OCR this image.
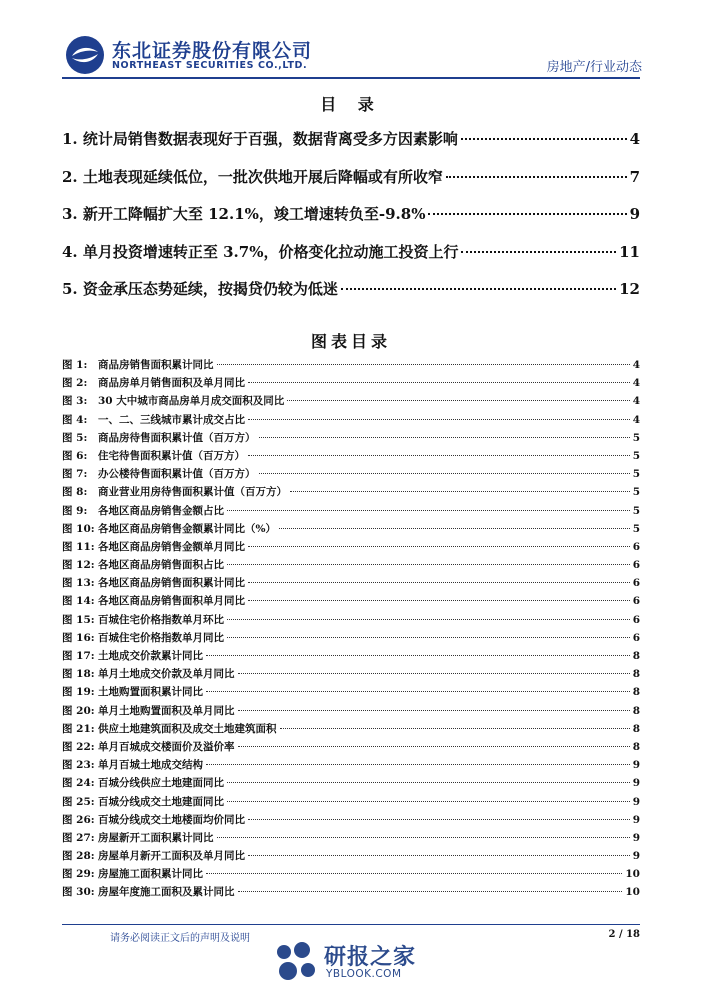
东北证券股份有限公司
NORTHEAST SECURITIES CO.,LTD.	房地产/行业动态
目 录
1. 统计局销售数据表现好于百强，数据背离受多方因素影响	4
2. 土地表现延续低位，一批次供地开展后降幅或有所收窄	7
3. 新开工降幅扩大至 12.1%，竣工增速转负至-9.8%	9
4. 单月投资增速转正至 3.7%，价格变化拉动施工投资上行	11
5. 资金承压态势延续，按揭贷仍较为低迷	12
图表目录
图 1:	商品房销售面积累计同比	4
图 2:	商品房单月销售面积及单月同比	4
图 3:	30 大中城市商品房单月成交面积及同比	4
图 4:	一、二、三线城市累计成交占比	4
图 5:	商品房待售面积累计值（百万方）	5
图 6:	住宅待售面积累计值（百万方）	5
图 7:	办公楼待售面积累计值（百万方）	5
图 8:	商业营业用房待售面积累计值（百万方）	5
图 9:	各地区商品房销售金额占比	5
图 10: 各地区商品房销售金额累计同比（%）	5
图 11: 各地区商品房销售金额单月同比	6
图 12: 各地区商品房销售面积占比	6
图 13: 各地区商品房销售面积累计同比	6
图 14: 各地区商品房销售面积单月同比	6
图 15: 百城住宅价格指数单月环比	6
图 16: 百城住宅价格指数单月同比	6
图 17: 土地成交价款累计同比	8
图 18: 单月土地成交价款及单月同比	8
图 19: 土地购置面积累计同比	8
图 20: 单月土地购置面积及单月同比	8
图 21: 供应土地建筑面积及成交土地建筑面积	8
图 22: 单月百城成交楼面价及溢价率	8
图 23: 单月百城土地成交结构	9
图 24: 百城分线供应土地建面同比	9
图 25: 百城分线成交土地建面同比	9
图 26: 百城分线成交土地楼面均价同比	9
图 27: 房屋新开工面积累计同比	9
图 28: 房屋单月新开工面积及单月同比	9
图 29: 房屋施工面积累计同比	10
图 30: 房屋年度施工面积及累计同比	10
请务必阅读正文后的声明及说明	2 / 18
研报之家
YBLOOK.COM
